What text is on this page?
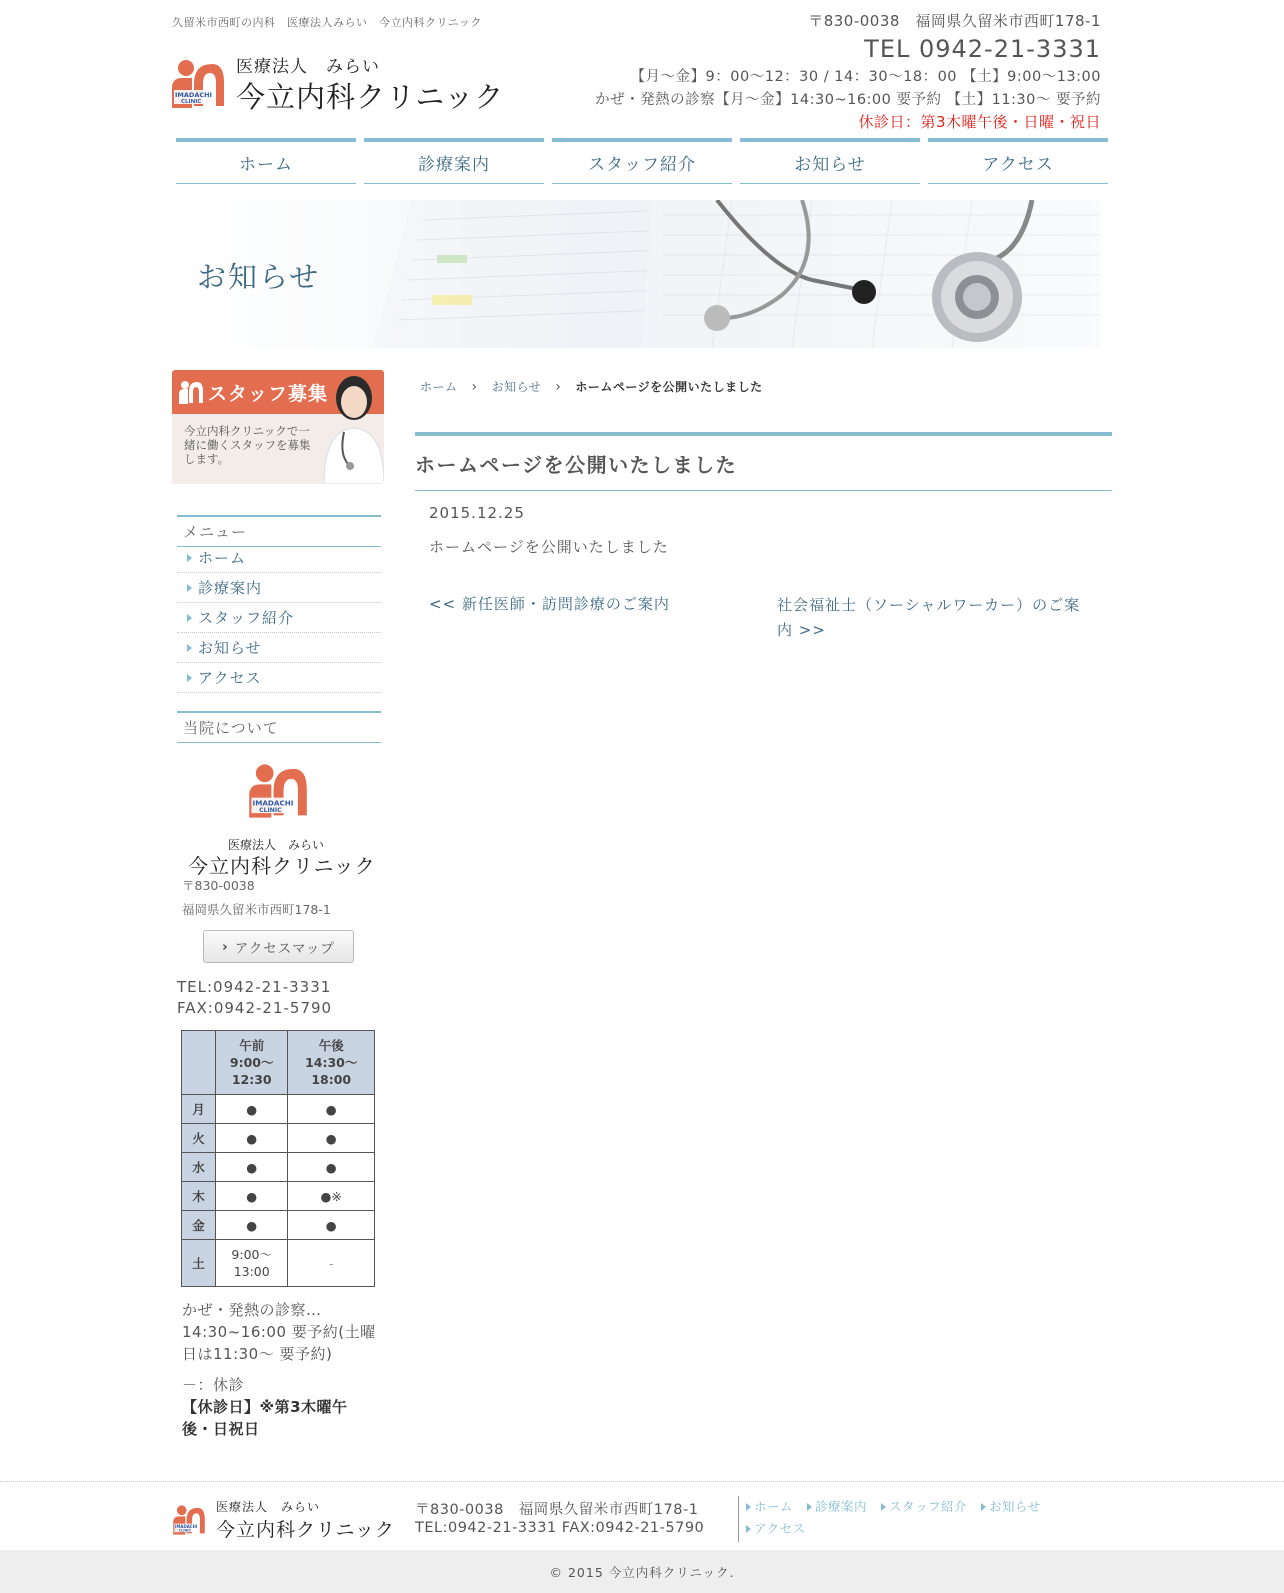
久留米市西町の内科　医療法人みらい　今立内科クリニック
IMADACHI
CLINIC
医療法人　みらい
今立内科クリニック
〒830-0038　福岡県久留米市西町178-1
TEL 0942-21-3331
【月～金】9：00～12：30 / 14：30～18：00 【土】9:00～13:00
かぜ・発熱の診察【月～金】14:30~16:00 要予約 【土】11:30～ 要予約
休診日：第3木曜午後・日曜・祝日
ホーム	診療案内	スタッフ紹介	お知らせ	アクセス
お知らせ
スタッフ募集
今立内科クリニックで一緒に働くスタッフを募集します。
メニュー
ホーム
診療案内
スタッフ紹介
お知らせ
アクセス
当院について
IMADACHI
CLINIC
医療法人　みらい
今立内科クリニック
〒830-0038
福岡県久留米市西町178-1
› アクセスマップ
TEL:0942-21-3331
FAX:0942-21-5790
	午前
9:00～
12:30	午後
14:30～
18:00
月	●	●
火	●	●
水	●	●
木	●	●※
金	●	●
土	9:00～
13:00	-
かぜ・発熱の診察…14:30~16:00 要予約(土曜日は11:30～ 要予約)
－：休診
【休診日】※第3木曜午後・日祝日
ホーム › お知らせ › ホームページを公開いたしました
ホームページを公開いたしました
2015.12.25
ホームページを公開いたしました
<< 新任医師・訪問診療のご案内	社会福祉士（ソーシャルワーカー）のご案内 >>
IMADACHI
CLINIC
医療法人　みらい
今立内科クリニック
〒830-0038　福岡県久留米市西町178-1
TEL:0942-21-3331 FAX:0942-21-5790
ホーム 診療案内 スタッフ紹介 お知らせ
アクセス
© 2015 今立内科クリニック.
